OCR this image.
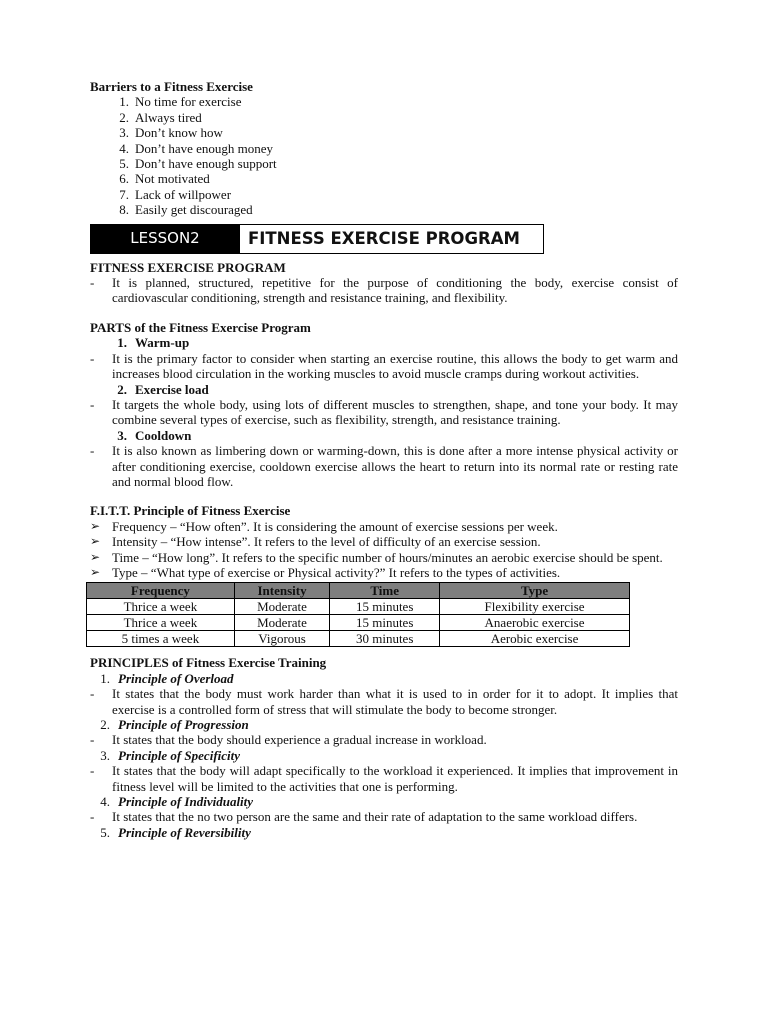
Barriers to a Fitness Exercise
1. No time for exercise
2. Always tired
3. Don’t know how
4. Don’t have enough money
5. Don’t have enough support
6. Not motivated
7. Lack of willpower
8. Easily get discouraged
LESSON2	FITNESS EXERCISE PROGRAM
FITNESS EXERCISE PROGRAM
-	It is planned, structured, repetitive for the purpose of conditioning the body, exercise consist of cardiovascular conditioning, strength and resistance training, and flexibility.
PARTS of the Fitness Exercise Program
1. Warm-up
-	It is the primary factor to consider when starting an exercise routine, this allows the body to get warm and increases blood circulation in the working muscles to avoid muscle cramps during workout activities.
2. Exercise load
-	It targets the whole body, using lots of different muscles to strengthen, shape, and tone your body. It may combine several types of exercise, such as flexibility, strength, and resistance training.
3. Cooldown
-	It is also known as limbering down or warming-down, this is done after a more intense physical activity or after conditioning exercise, cooldown exercise allows the heart to return into its normal rate or resting rate and normal blood flow.
F.I.T.T. Principle of Fitness Exercise
➢ Frequency – “How often”. It is considering the amount of exercise sessions per week.
➢ Intensity – “How intense”. It refers to the level of difficulty of an exercise session.
➢ Time – “How long”. It refers to the specific number of hours/minutes an aerobic exercise should be spent.
➢ Type – “What type of exercise or Physical activity?” It refers to the types of activities.
Frequency	Intensity	Time	Type
Thrice a week	Moderate	15 minutes	Flexibility exercise
Thrice a week	Moderate	15 minutes	Anaerobic exercise
5 times a week	Vigorous	30 minutes	Aerobic exercise
PRINCIPLES of Fitness Exercise Training
1. Principle of Overload
-	It states that the body must work harder than what it is used to in order for it to adopt. It implies that exercise is a controlled form of stress that will stimulate the body to become stronger.
2. Principle of Progression
-	It states that the body should experience a gradual increase in workload.
3. Principle of Specificity
-	It states that the body will adapt specifically to the workload it experienced. It implies that improvement in fitness level will be limited to the activities that one is performing.
4. Principle of Individuality
-	It states that the no two person are the same and their rate of adaptation to the same workload differs.
5. Principle of Reversibility
